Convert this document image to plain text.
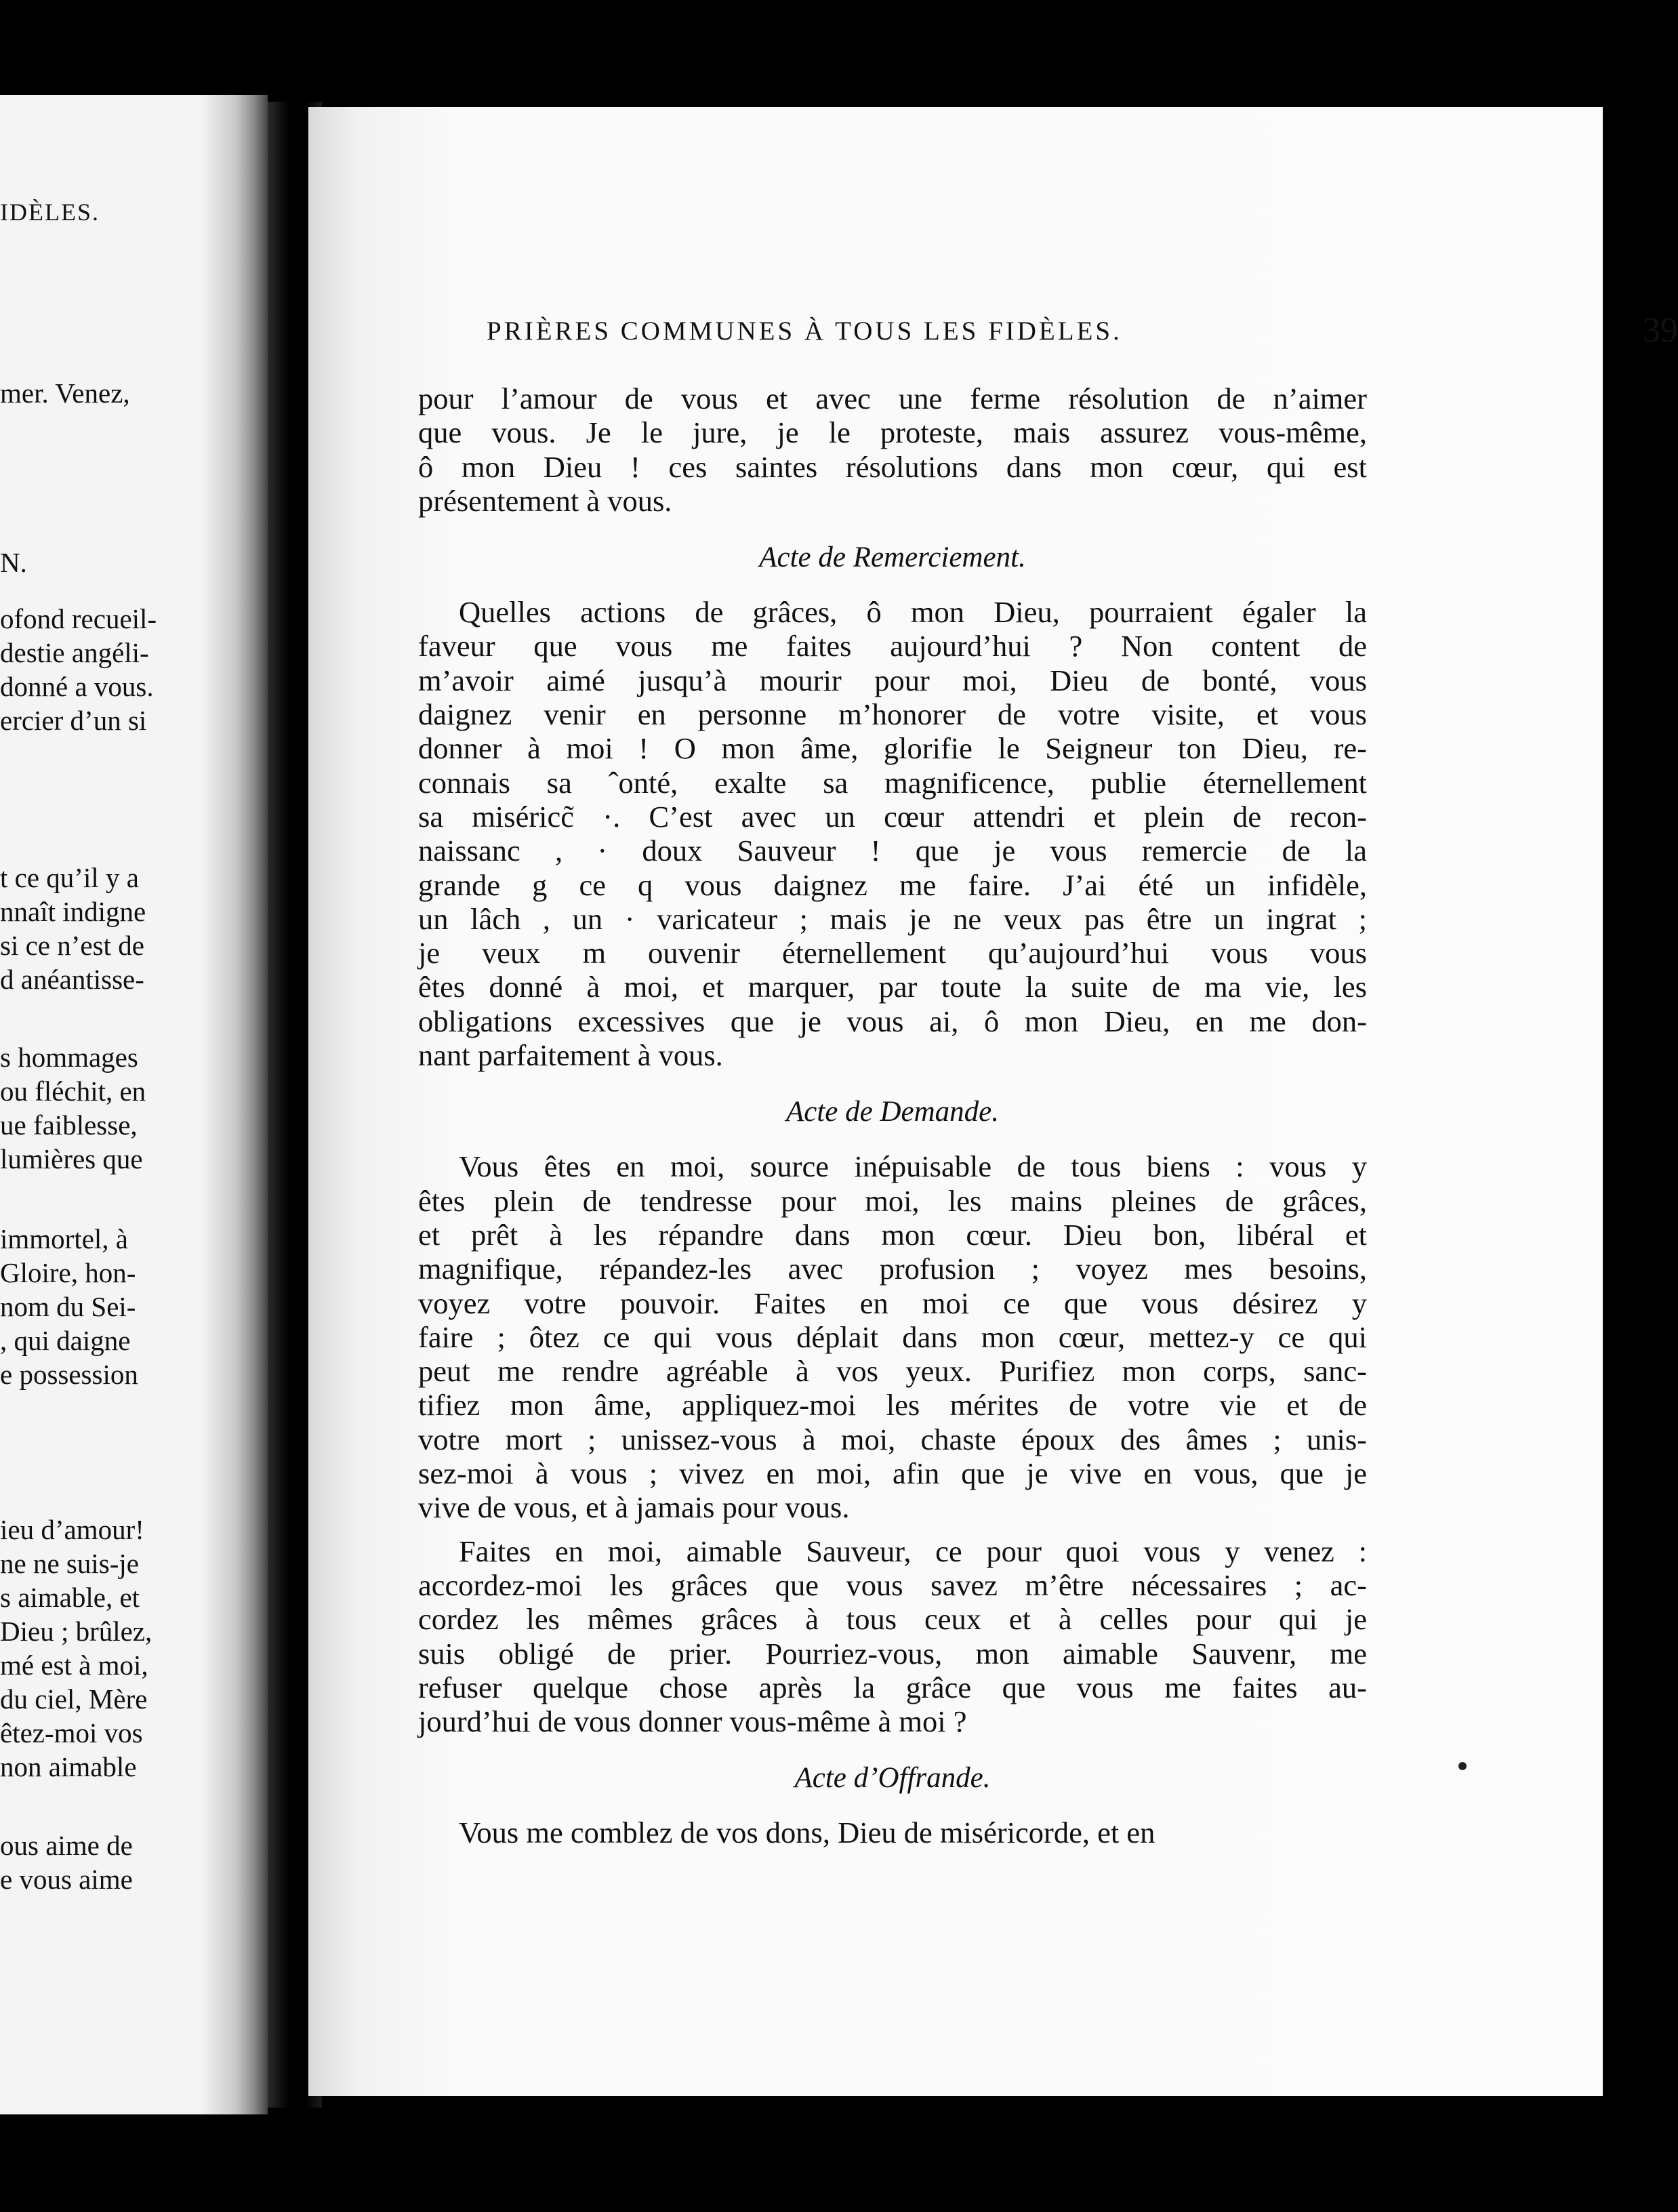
IDÈLES.
mer. Venez,
N.
ofond recueil-
destie angéli-
donné a vous.
ercier d’un si
t ce qu’il y a
nnaît indigne
si ce n’est de
d anéantisse-
s hommages
ou fléchit, en
ue faiblesse,
lumières que
immortel, à
Gloire, hon-
nom du Sei-
, qui daigne
e possession
ieu d’amour!
ne ne suis-je
s aimable, et
Dieu ; brûlez,
mé est à moi,
du ciel, Mère
êtez-moi vos
non aimable
ous aime de
e vous aime
PRIÈRES COMMUNES À TOUS LES FIDÈLES.	39
pour l’amour de vous et avec une ferme résolution de n’aimer
que vous. Je le jure, je le proteste, mais assurez vous-même,
ô mon Dieu ! ces saintes résolutions dans mon cœur, qui est
présentement à vous.
Acte de Remerciement.
Quelles actions de grâces, ô mon Dieu, pourraient égaler la
faveur que vous me faites aujourd’hui ? Non content de
m’avoir aimé jusqu’à mourir pour moi, Dieu de bonté, vous
daignez venir en personne m’honorer de votre visite, et vous
donner à moi ! O mon âme, glorifie le Seigneur ton Dieu, re-
connais sa ˆonté, exalte sa magnificence, publie éternellement
sa miséricc̃ ·. C’est avec un cœur attendri et plein de recon-
naissanc , · doux Sauveur ! que je vous remercie de la
grande g ce q vous daignez me faire. J’ai été un infidèle,
un lâch , un · varicateur ; mais je ne veux pas être un ingrat ;
je veux m ouvenir éternellement qu’aujourd’hui vous vous
êtes donné à moi, et marquer, par toute la suite de ma vie, les
obligations excessives que je vous ai, ô mon Dieu, en me don-
nant parfaitement à vous.
Acte de Demande.
Vous êtes en moi, source inépuisable de tous biens : vous y
êtes plein de tendresse pour moi, les mains pleines de grâces,
et prêt à les répandre dans mon cœur. Dieu bon, libéral et
magnifique, répandez-les avec profusion ; voyez mes besoins,
voyez votre pouvoir. Faites en moi ce que vous désirez y
faire ; ôtez ce qui vous déplait dans mon cœur, mettez-y ce qui
peut me rendre agréable à vos yeux. Purifiez mon corps, sanc-
tifiez mon âme, appliquez-moi les mérites de votre vie et de
votre mort ; unissez-vous à moi, chaste époux des âmes ; unis-
sez-moi à vous ; vivez en moi, afin que je vive en vous, que je
vive de vous, et à jamais pour vous.
Faites en moi, aimable Sauveur, ce pour quoi vous y venez :
accordez-moi les grâces que vous savez m’être nécessaires ; ac-
cordez les mêmes grâces à tous ceux et à celles pour qui je
suis obligé de prier. Pourriez-vous, mon aimable Sauvenr, me
refuser quelque chose après la grâce que vous me faites au-
jourd’hui de vous donner vous-même à moi ?
Acte d’Offrande.
Vous me comblez de vos dons, Dieu de miséricorde, et en
